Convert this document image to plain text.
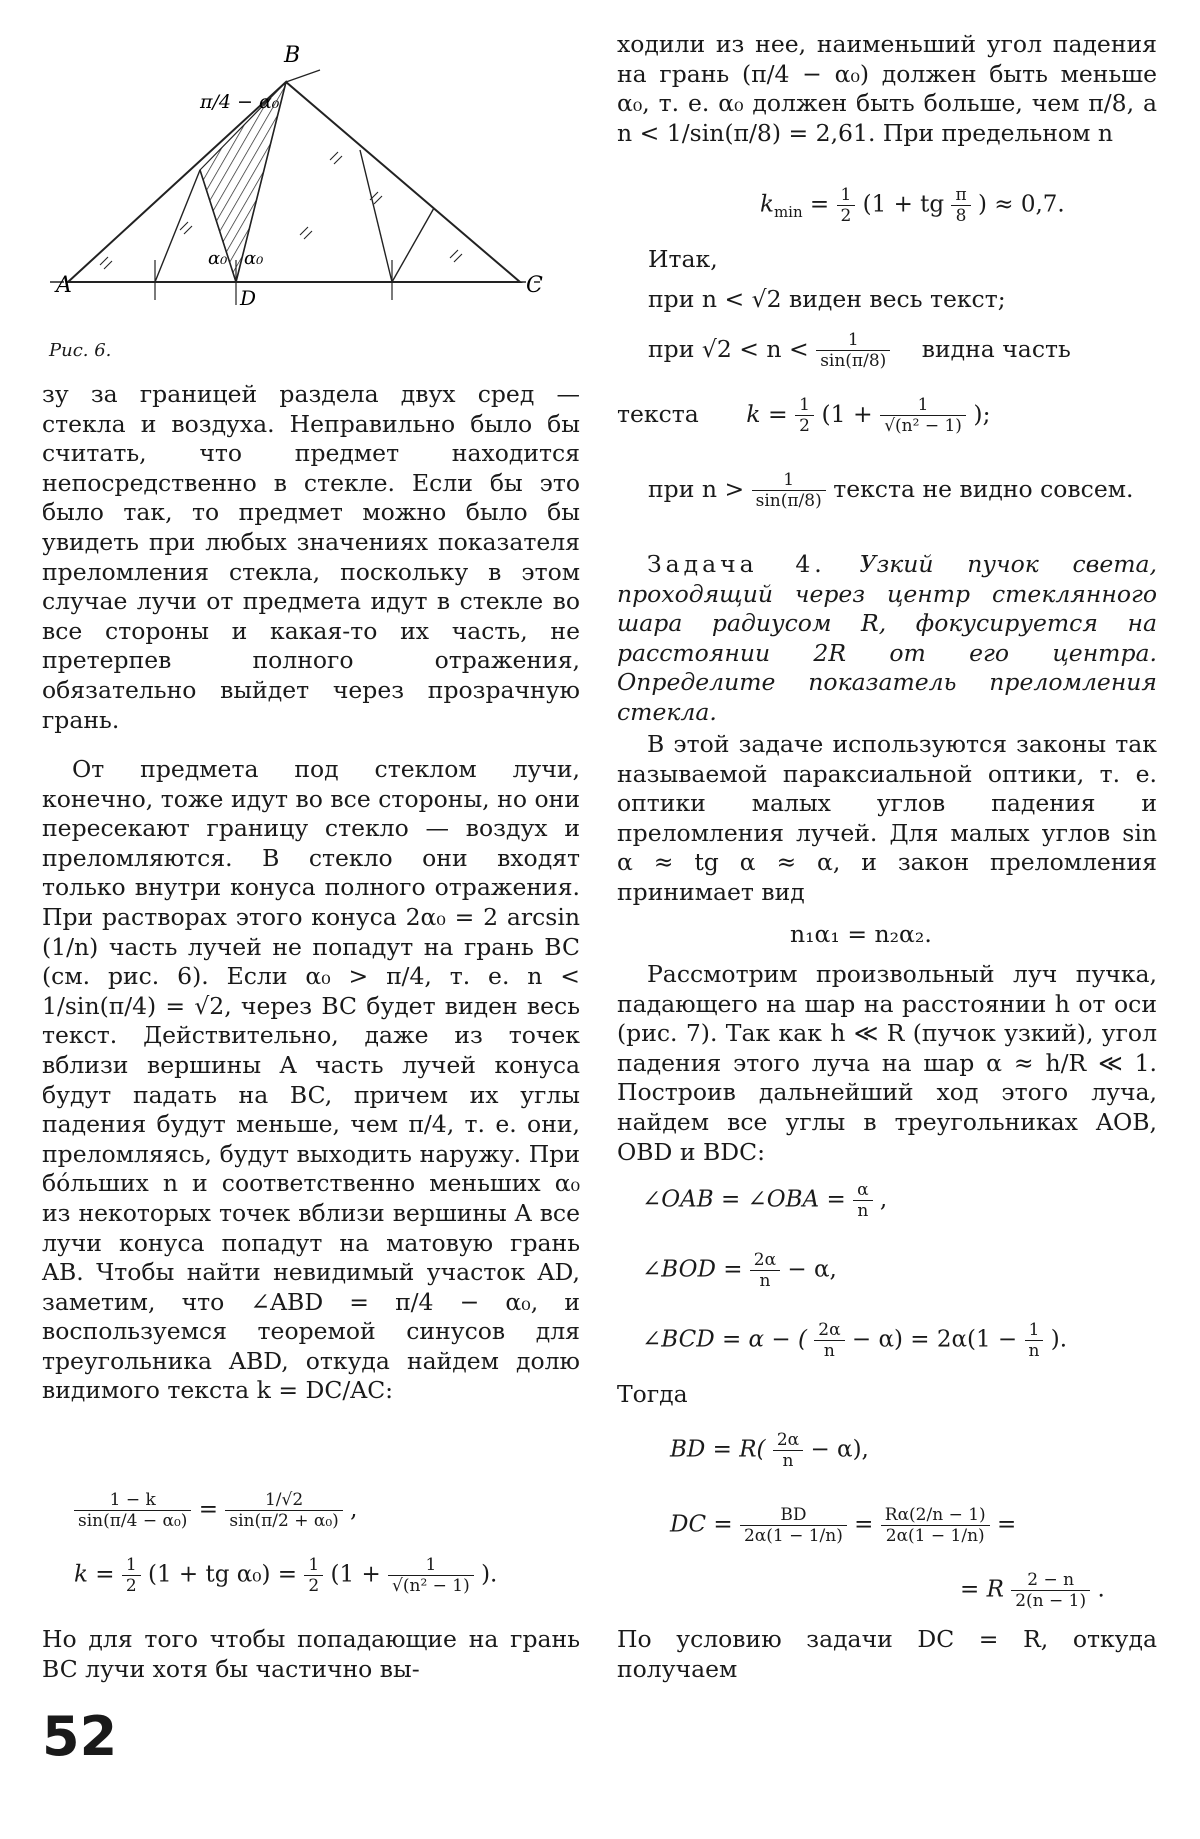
A
B
C
D
π/4 − α₀
α₀ α₀
Рис. 6.
зу за границей раздела двух сред — стекла и воздуха. Неправильно было бы считать, что предмет находится непосредственно в стекле. Если бы это было так, то предмет можно было бы увидеть при любых значениях показателя преломления стекла, поскольку в этом случае лучи от предмета идут в стекле во все стороны и какая-то их часть, не претерпев полного отражения, обязательно выйдет через прозрачную грань.
От предмета под стеклом лучи, конечно, тоже идут во все стороны, но они пересекают границу стекло — воздух и преломляются. В стекло они входят только внутри конуса полного отражения. При растворах этого конуса 2α₀ = 2 arcsin (1/n) часть лучей не попадут на грань BC (см. рис. 6). Если α₀ > π/4, т. е. n < 1/sin(π/4) = √2, через BC будет виден весь текст. Действительно, даже из точек вблизи вершины A часть лучей конуса будут падать на BC, причем их углы падения будут меньше, чем π/4, т. е. они, преломляясь, будут выходить наружу. При бо́льших n и соответственно меньших α₀ из некоторых точек вблизи вершины A все лучи конуса попадут на матовую грань AB. Чтобы найти невидимый участок AD, заметим, что ∠ABD = π/4 − α₀, и воспользуемся теоремой синусов для треугольника ABD, откуда найдем долю видимого текста k = DC/AC:
$\frac{1 - k}{\text{sin(π/4 − α₀)}} = \frac{1/√2}{\text{sin(π/2 + α₀)}}$ ,
$k = \frac{1}{2} (1$ + tg $\alpha_0) = \frac{1}{2} (1 + \frac{1}{\text{√(n² − 1)}}$ ).
Но для того чтобы попадающие на грань BC лучи хотя бы частично вы-
52
ходили из нее, наименьший угол падения на грань (π/4 − α₀) должен быть меньше α₀, т. е. α₀ должен быть больше, чем π/8, а n < 1/sin(π/8) = 2,61. При предельном n
$k_{min} = \frac{1}{2} (1$ + tg $\frac{\pi}{8}$ ) ≈ 0,7.
Итак,
при n < √2 виден весь текст;
при $√2 < n < \frac{1}{\sin(\pi/8)}$ видна часть
текста $k = \frac{1}{2} (1 + \frac{1}{\text{√(n² − 1)}}$ );
при $n > \frac{1}{\sin(\pi/8)}$ текста не видно совсем.
Задача 4. Узкий пучок света, проходящий через центр стеклянного шара радиусом R, фокусируется на расстоянии 2R от его центра. Определите показатель преломления стекла.
В этой задаче используются законы так называемой параксиальной оптики, т. е. оптики малых углов падения и преломления лучей. Для малых углов sin α ≈ tg α ≈ α, и закон преломления принимает вид
n₁α₁ = n₂α₂.
Рассмотрим произвольный луч пучка, падающего на шар на расстоянии h от оси (рис. 7). Так как h ≪ R (пучок узкий), угол падения этого луча на шар α ≈ h/R ≪ 1. Построив дальнейший ход этого луча, найдем все углы в треугольниках AOB, OBD и BDC:
∠OAB = ∠OBA = $\frac{\alpha}{n}$ ,
∠BOD = $\frac{2\alpha}{n} - \alpha$,
∠BCD = α − ( $\frac{2\alpha}{n} - \alpha) = 2\alpha(1 - \frac{1}{n}$ ).
Тогда
BD = $R( \frac{2\alpha}{n} - \alpha)$,
DC = $\frac{BD}{2\alpha(1 - 1/n)} = \frac{R\alpha(2/n - 1)}{2\alpha(1 - 1/n)}$ =
= R $\frac{2 - n}{2(n - 1)}$ .
По условию задачи DC = R, откуда получаем
